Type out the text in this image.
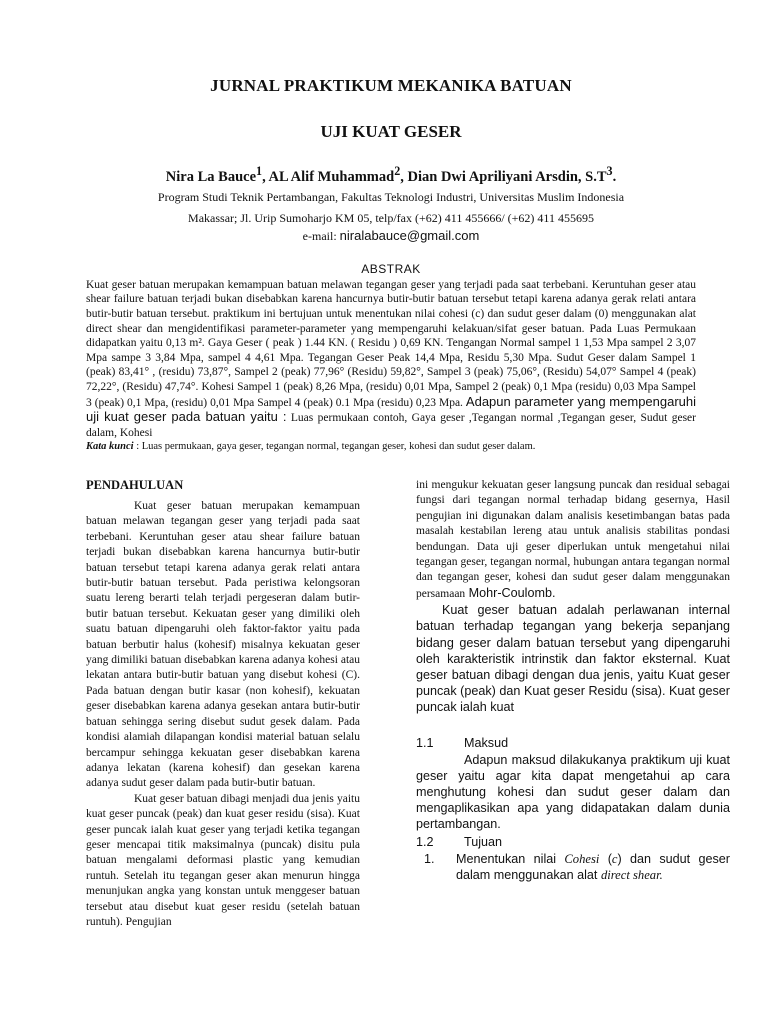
JURNAL PRAKTIKUM MEKANIKA BATUAN

UJI KUAT GESER

Nira La Bauce$^1$, AL Alif Muhammad$^2$, Dian Dwi Apriliyani Arsdin, $S.T^3$.

Program Studi Teknik Pertambangan, Fakultas Teknologi Industri, Universitas Muslim Indonesia

Makassar; Jl. Urip Sumoharjo KM 05, telp/fax (+62) 411 455666/ (+62) 411 455695

e-mail: niralabauce@gmail.com

ABSTRAK

Kuat geser batuan merupakan kemampuan batuan melawan tegangan geser yang terjadi pada saat terbebani. Keruntuhan geser atau shear failure batuan terjadi bukan disebabkan karena hancurnya butir-butir batuan tersebut tetapi karena adanya gerak relati antara butir-butir batuan tersebut. praktikum ini bertujuan untuk menentukan nilai cohesi (c) dan sudut geser dalam (0) menggunakan alat direct shear dan mengidentifikasi parameter-parameter yang mempengaruhi kelakuan/sifat geser batuan. Pada Luas Permukaan didapatkan yaitu 0,13 m². Gaya Geser ( peak ) 1.44 KN. ( Residu ) 0,69 KN. Tengangan Normal sampel 1 1,53 Mpa sampel 2 3,07 Mpa sampe 3 3,84 Mpa, sampel 4 4,61 Mpa. Tegangan Geser Peak 14,4 Mpa, Residu 5,30 Mpa. Sudut Geser dalam Sampel 1 (peak) 83,41° , (residu) 73,87°, Sampel 2 (peak) 77,96° (Residu) 59,82°, Sampel 3 (peak) 75,06°, (Residu) 54,07° Sampel 4 (peak) 72,22°, (Residu) 47,74°. Kohesi Sampel 1 (peak) 8,26 Mpa, (residu) 0,01 Mpa, Sampel 2 (peak) 0,1 Mpa (residu) 0,03 Mpa Sampel 3 (peak) 0,1 Mpa, (residu) 0,01 Mpa Sampel 4 (peak) 0.1 Mpa (residu) 0,23 Mpa. Adapun parameter yang mempengaruhi uji kuat geser pada batuan yaitu : Luas permukaan contoh, Gaya geser ,Tegangan normal ,Tegangan geser, Sudut geser dalam, Kohesi

Kata kunci : Luas permukaan, gaya geser, tegangan normal, tegangan geser, kohesi dan sudut geser dalam.

PENDAHULUAN

Kuat geser batuan merupakan kemampuan batuan melawan tegangan geser yang terjadi pada saat terbebani. Keruntuhan geser atau shear failure batuan terjadi bukan disebabkan karena hancurnya butir-butir batuan tersebut tetapi karena adanya gerak relati antara butir-butir batuan tersebut. Pada peristiwa kelongsoran suatu lereng berarti telah terjadi pergeseran dalam butir-butir batuan tersebut. Kekuatan geser yang dimiliki oleh suatu batuan dipengaruhi oleh faktor-faktor yaitu pada batuan berbutir halus (kohesif) misalnya kekuatan geser yang dimiliki batuan disebabkan karena adanya kohesi atau lekatan antara butir-butir batuan yang disebut kohesi (C). Pada batuan dengan butir kasar (non kohesif), kekuatan geser disebabkan karena adanya gesekan antara butir-butir batuan sehingga sering disebut sudut gesek dalam. Pada kondisi alamiah dilapangan kondisi material batuan selalu bercampur sehingga kekuatan geser disebabkan karena adanya lekatan (karena kohesif) dan gesekan karena adanya sudut geser dalam pada butir-butir batuan.

Kuat geser batuan dibagi menjadi dua jenis yaitu kuat geser puncak (peak) dan kuat geser residu (sisa). Kuat geser puncak ialah kuat geser yang terjadi ketika tegangan geser mencapai titik maksimalnya (puncak) disitu pula batuan mengalami deformasi plastic yang kemudian runtuh. Setelah itu tegangan geser akan menurun hingga menunjukan angka yang konstan untuk menggeser batuan tersebut atau disebut kuat geser residu (setelah batuan runtuh). Pengujian

ini mengukur kekuatan geser langsung puncak dan residual sebagai fungsi dari tegangan normal terhadap bidang gesernya, Hasil pengujian ini digunakan dalam analisis kesetimbangan batas pada masalah kestabilan lereng atau untuk analisis stabilitas pondasi bendungan. Data uji geser diperlukan untuk mengetahui nilai tegangan geser, tegangan normal, hubungan antara tegangan normal dan tegangan geser, kohesi dan sudut geser dalam menggunakan persamaan Mohr-Coulomb.

Kuat geser batuan adalah perlawanan internal batuan terhadap tegangan yang bekerja sepanjang bidang geser dalam batuan tersebut yang dipengaruhi oleh karakteristik intrinstik dan faktor eksternal. Kuat geser batuan dibagi dengan dua jenis, yaitu Kuat geser puncak (peak) dan Kuat geser Residu (sisa). Kuat geser puncak ialah kuat

1.1	Maksud

Adapun maksud dilakukanya praktikum uji kuat geser yaitu agar kita dapat mengetahui ap cara menghutung kohesi dan sudut geser dalam dan mengaplikasikan apa yang didapatakan dalam dunia pertambangan.

1.2	Tujuan
1.	Menentukan nilai Cohesi (c) dan sudut geser dalam menggunakan alat direct shear.
